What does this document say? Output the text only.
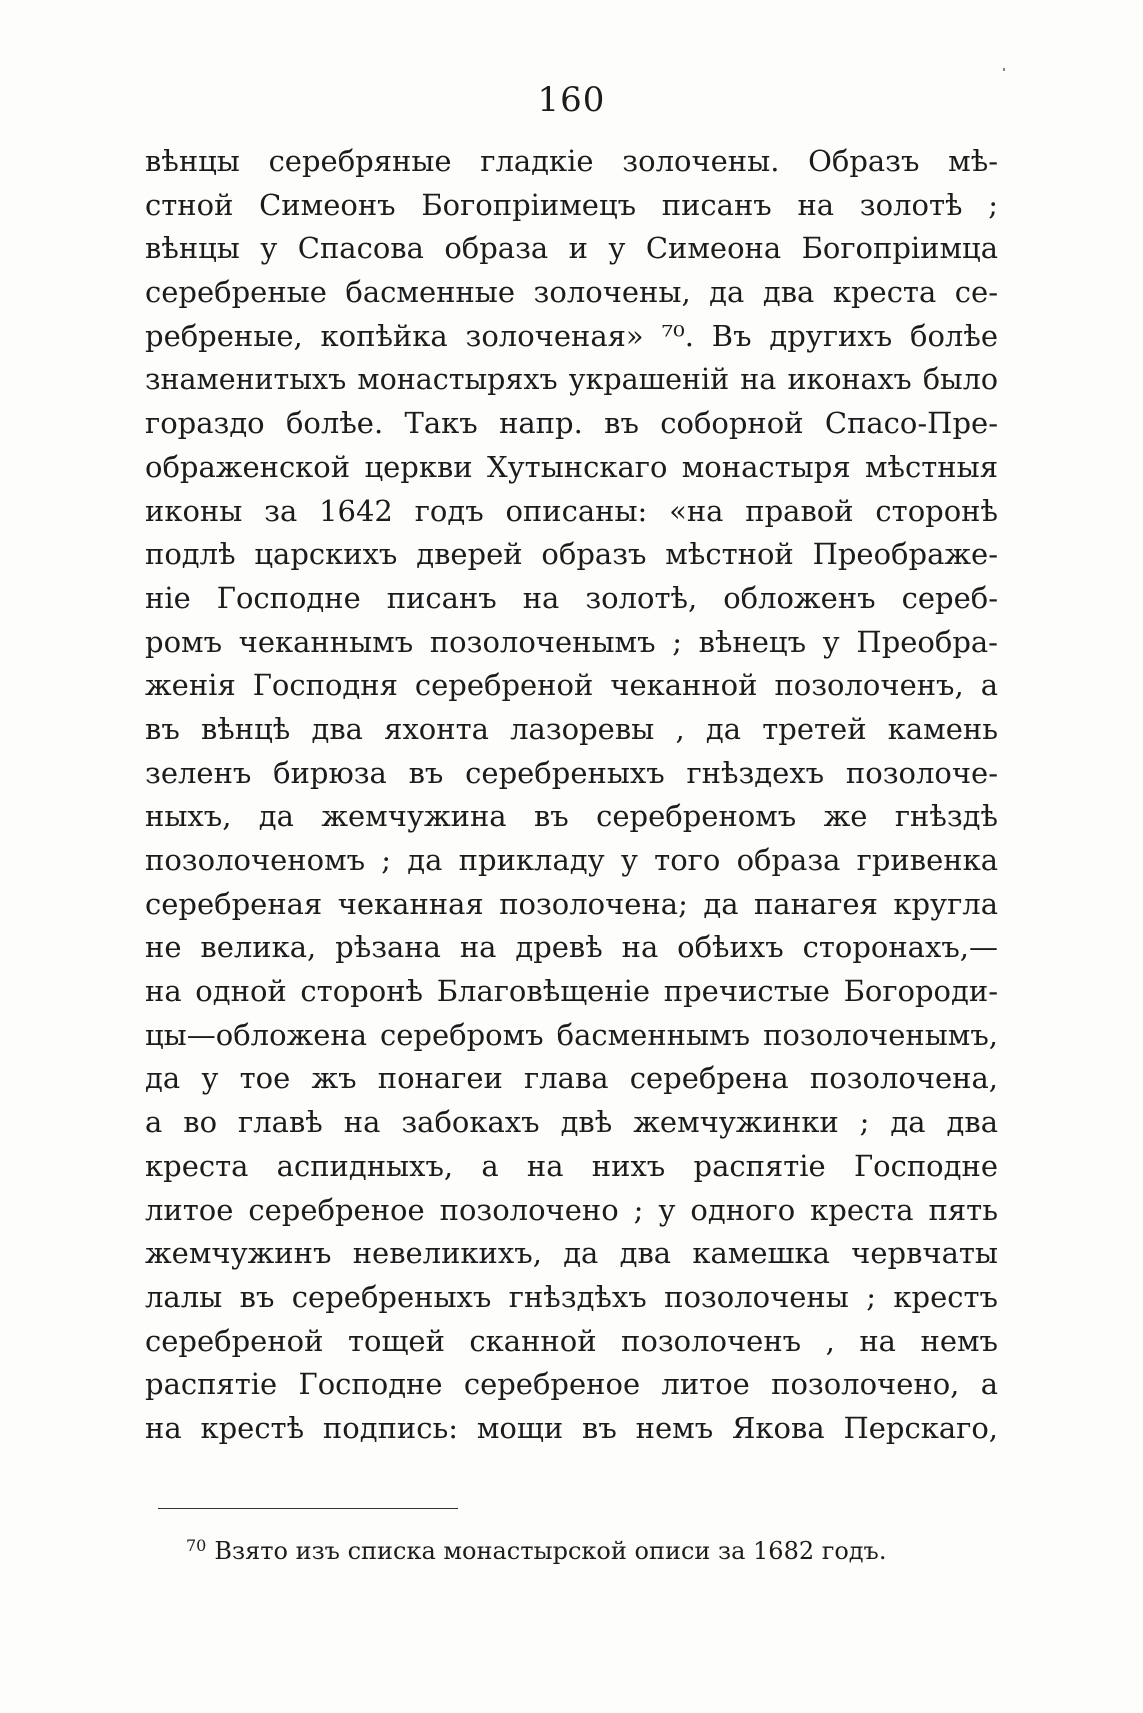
160
вѣнцы серебряные гладкіе золочены. Образъ мѣ-
стной Симеонъ Богопріимецъ писанъ на золотѣ ;
вѣнцы у Спасова образа и у Симеона Богопріимца
серебреные басменные золочены, да два креста се-
ребреные, копѣйка золоченая» ⁷⁰. Въ другихъ болѣе
знаменитыхъ монастыряхъ украшеній на иконахъ было
гораздо болѣе. Такъ напр. въ соборной Спасо-Пре-
ображенской церкви Хутынскаго монастыря мѣстныя
иконы за 1642 годъ описаны: «на правой сторонѣ
подлѣ царскихъ дверей образъ мѣстной Преображе-
ніе Господне писанъ на золотѣ, обложенъ сереб-
ромъ чеканнымъ позолоченымъ ; вѣнецъ у Преобра-
женія Господня серебреной чеканной позолоченъ, а
въ вѣнцѣ два яхонта лазоревы , да третей камень
зеленъ бирюза въ серебреныхъ гнѣздехъ позолоче-
ныхъ, да жемчужина въ серебреномъ же гнѣздѣ
позолоченомъ ; да прикладу у того образа гривенка
серебреная чеканная позолочена; да панагея кругла
не велика, рѣзана на древѣ на обѣихъ сторонахъ,—
на одной сторонѣ Благовѣщеніе пречистые Богороди-
цы—обложена серебромъ басменнымъ позолоченымъ,
да у тое жъ понагеи глава серебрена позолочена,
а во главѣ на забокахъ двѣ жемчужинки ; да два
креста аспидныхъ, а на нихъ распятіе Господне
литое серебреное позолочено ; у одного креста пять
жемчужинъ невеликихъ, да два камешка червчаты
лалы въ серебреныхъ гнѣздѣхъ позолочены ; крестъ
серебреной тощей сканной позолоченъ , на немъ
распятіе Господне серебреное литое позолочено, а
на крестѣ подпись: мощи въ немъ Якова Перскаго,
$^{70}$ Взято изъ списка монастырской описи за 1682 годъ.
